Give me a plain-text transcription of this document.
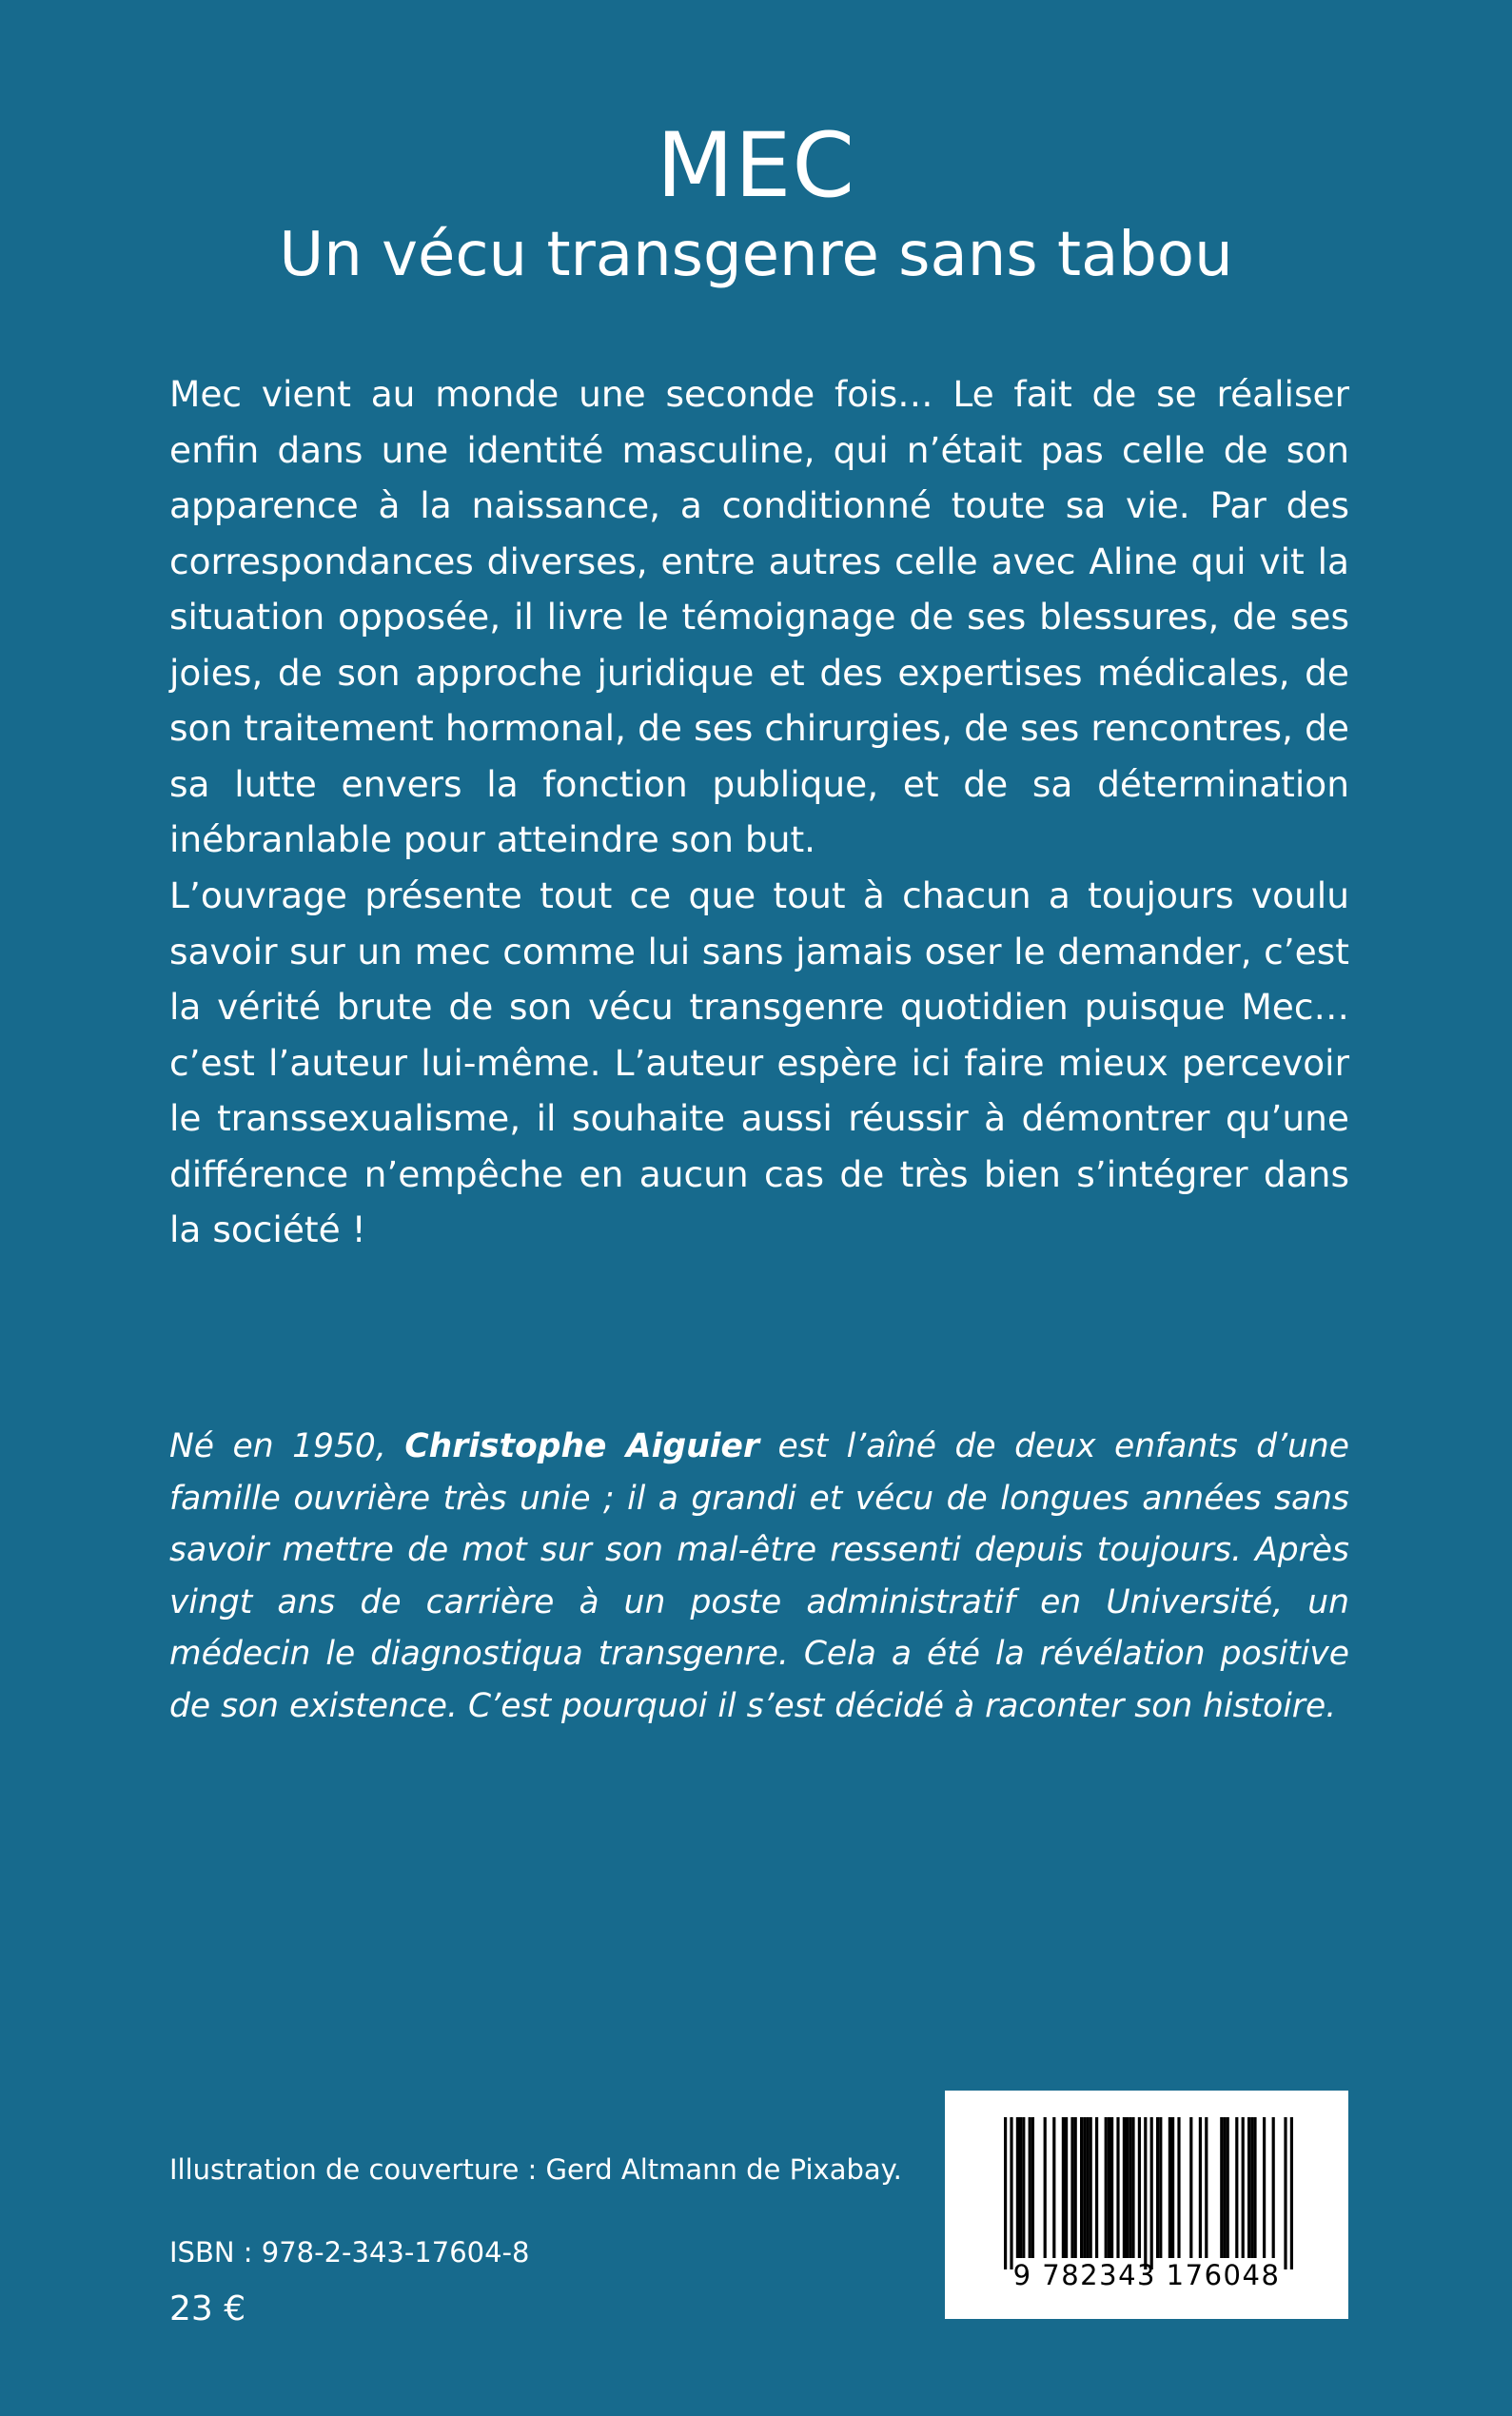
MEC
Un vécu transgenre sans tabou

Mec vient au monde une seconde fois… Le fait de se réaliser enfin dans une identité masculine, qui n’était pas celle de son apparence à la naissance, a conditionné toute sa vie. Par des correspondances diverses, entre autres celle avec Aline qui vit la situation opposée, il livre le témoignage de ses blessures, de ses joies, de son approche juridique et des expertises médicales, de son traitement hormonal, de ses chirurgies, de ses rencontres, de sa lutte envers la fonction publique, et de sa détermination inébranlable pour atteindre son but.

L’ouvrage présente tout ce que tout à chacun a toujours voulu savoir sur un mec comme lui sans jamais oser le demander, c’est la vérité brute de son vécu transgenre quotidien puisque Mec… c’est l’auteur lui-même. L’auteur espère ici faire mieux percevoir le transsexualisme, il souhaite aussi réussir à démontrer qu’une différence n’empêche en aucun cas de très bien s’intégrer dans la société !

Né en 1950, Christophe Aiguier est l’aîné de deux enfants d’une famille ouvrière très unie ; il a grandi et vécu de longues années sans savoir mettre de mot sur son mal-être ressenti depuis toujours. Après vingt ans de carrière à un poste administratif en Université, un médecin le diagnostiqua transgenre. Cela a été la révélation positive de son existence. C’est pourquoi il s’est décidé à raconter son histoire.

Illustration de couverture : Gerd Altmann de Pixabay.
ISBN : 978-2-343-17604-8
23 €
9 782343 176048
